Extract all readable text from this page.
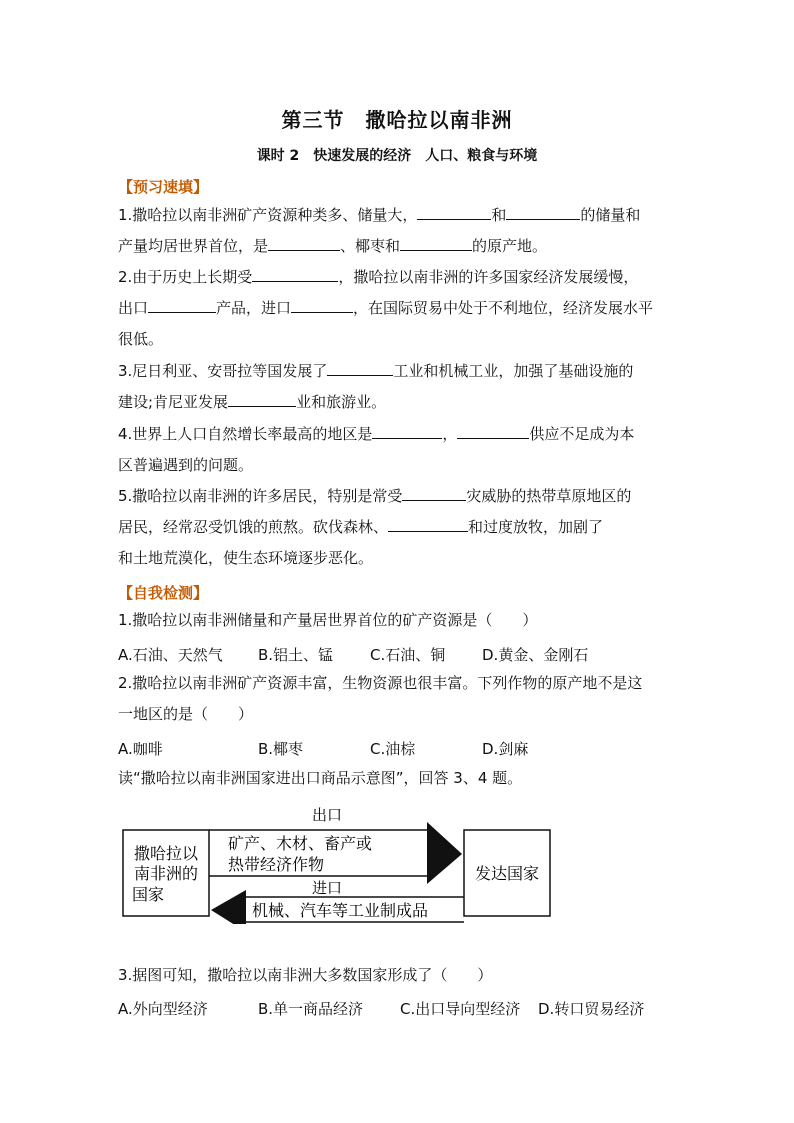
第三节　撒哈拉以南非洲
课时 2　快速发展的经济　人口、粮食与环境
【预习速填】
1.撒哈拉以南非洲矿产资源种类多、储量大，	和	的储量和
产量均居世界首位，是	、椰枣和	的原产地。
2.由于历史上长期受	，撒哈拉以南非洲的许多国家经济发展缓慢，
出口	产品，进口	，在国际贸易中处于不利地位，经济发展水平
很低。
3.尼日利亚、安哥拉等国发展了	工业和机械工业，加强了基础设施的
建设;肯尼亚发展	业和旅游业。
4.世界上人口自然增长率最高的地区是	，	供应不足成为本
区普遍遇到的问题。
5.撒哈拉以南非洲的许多居民，特别是常受	灾威胁的热带草原地区的
居民，经常忍受饥饿的煎熬。砍伐森林、	和过度放牧，加剧了
和土地荒漠化，使生态环境逐步恶化。
【自我检测】
1.撒哈拉以南非洲储量和产量居世界首位的矿产资源是（　　）
A.石油、天然气 B.铝土、锰 C.石油、铜 D.黄金、金刚石
2.撒哈拉以南非洲矿产资源丰富，生物资源也很丰富。下列作物的原产地不是这
一地区的是（　　）
A.咖啡	B.椰枣	C.油棕	D.剑麻
读“撒哈拉以南非洲国家进出口商品示意图”，回答 3、4 题。
撒哈拉以
南非洲的
国家
发达国家
出口
矿产、木材、畜产或
热带经济作物
进口
机械、汽车等工业制成品
3.据图可知，撒哈拉以南非洲大多数国家形成了（　　）
A.外向型经济	B.单一商品经济 C.出口导向型经济 D.转口贸易经济
